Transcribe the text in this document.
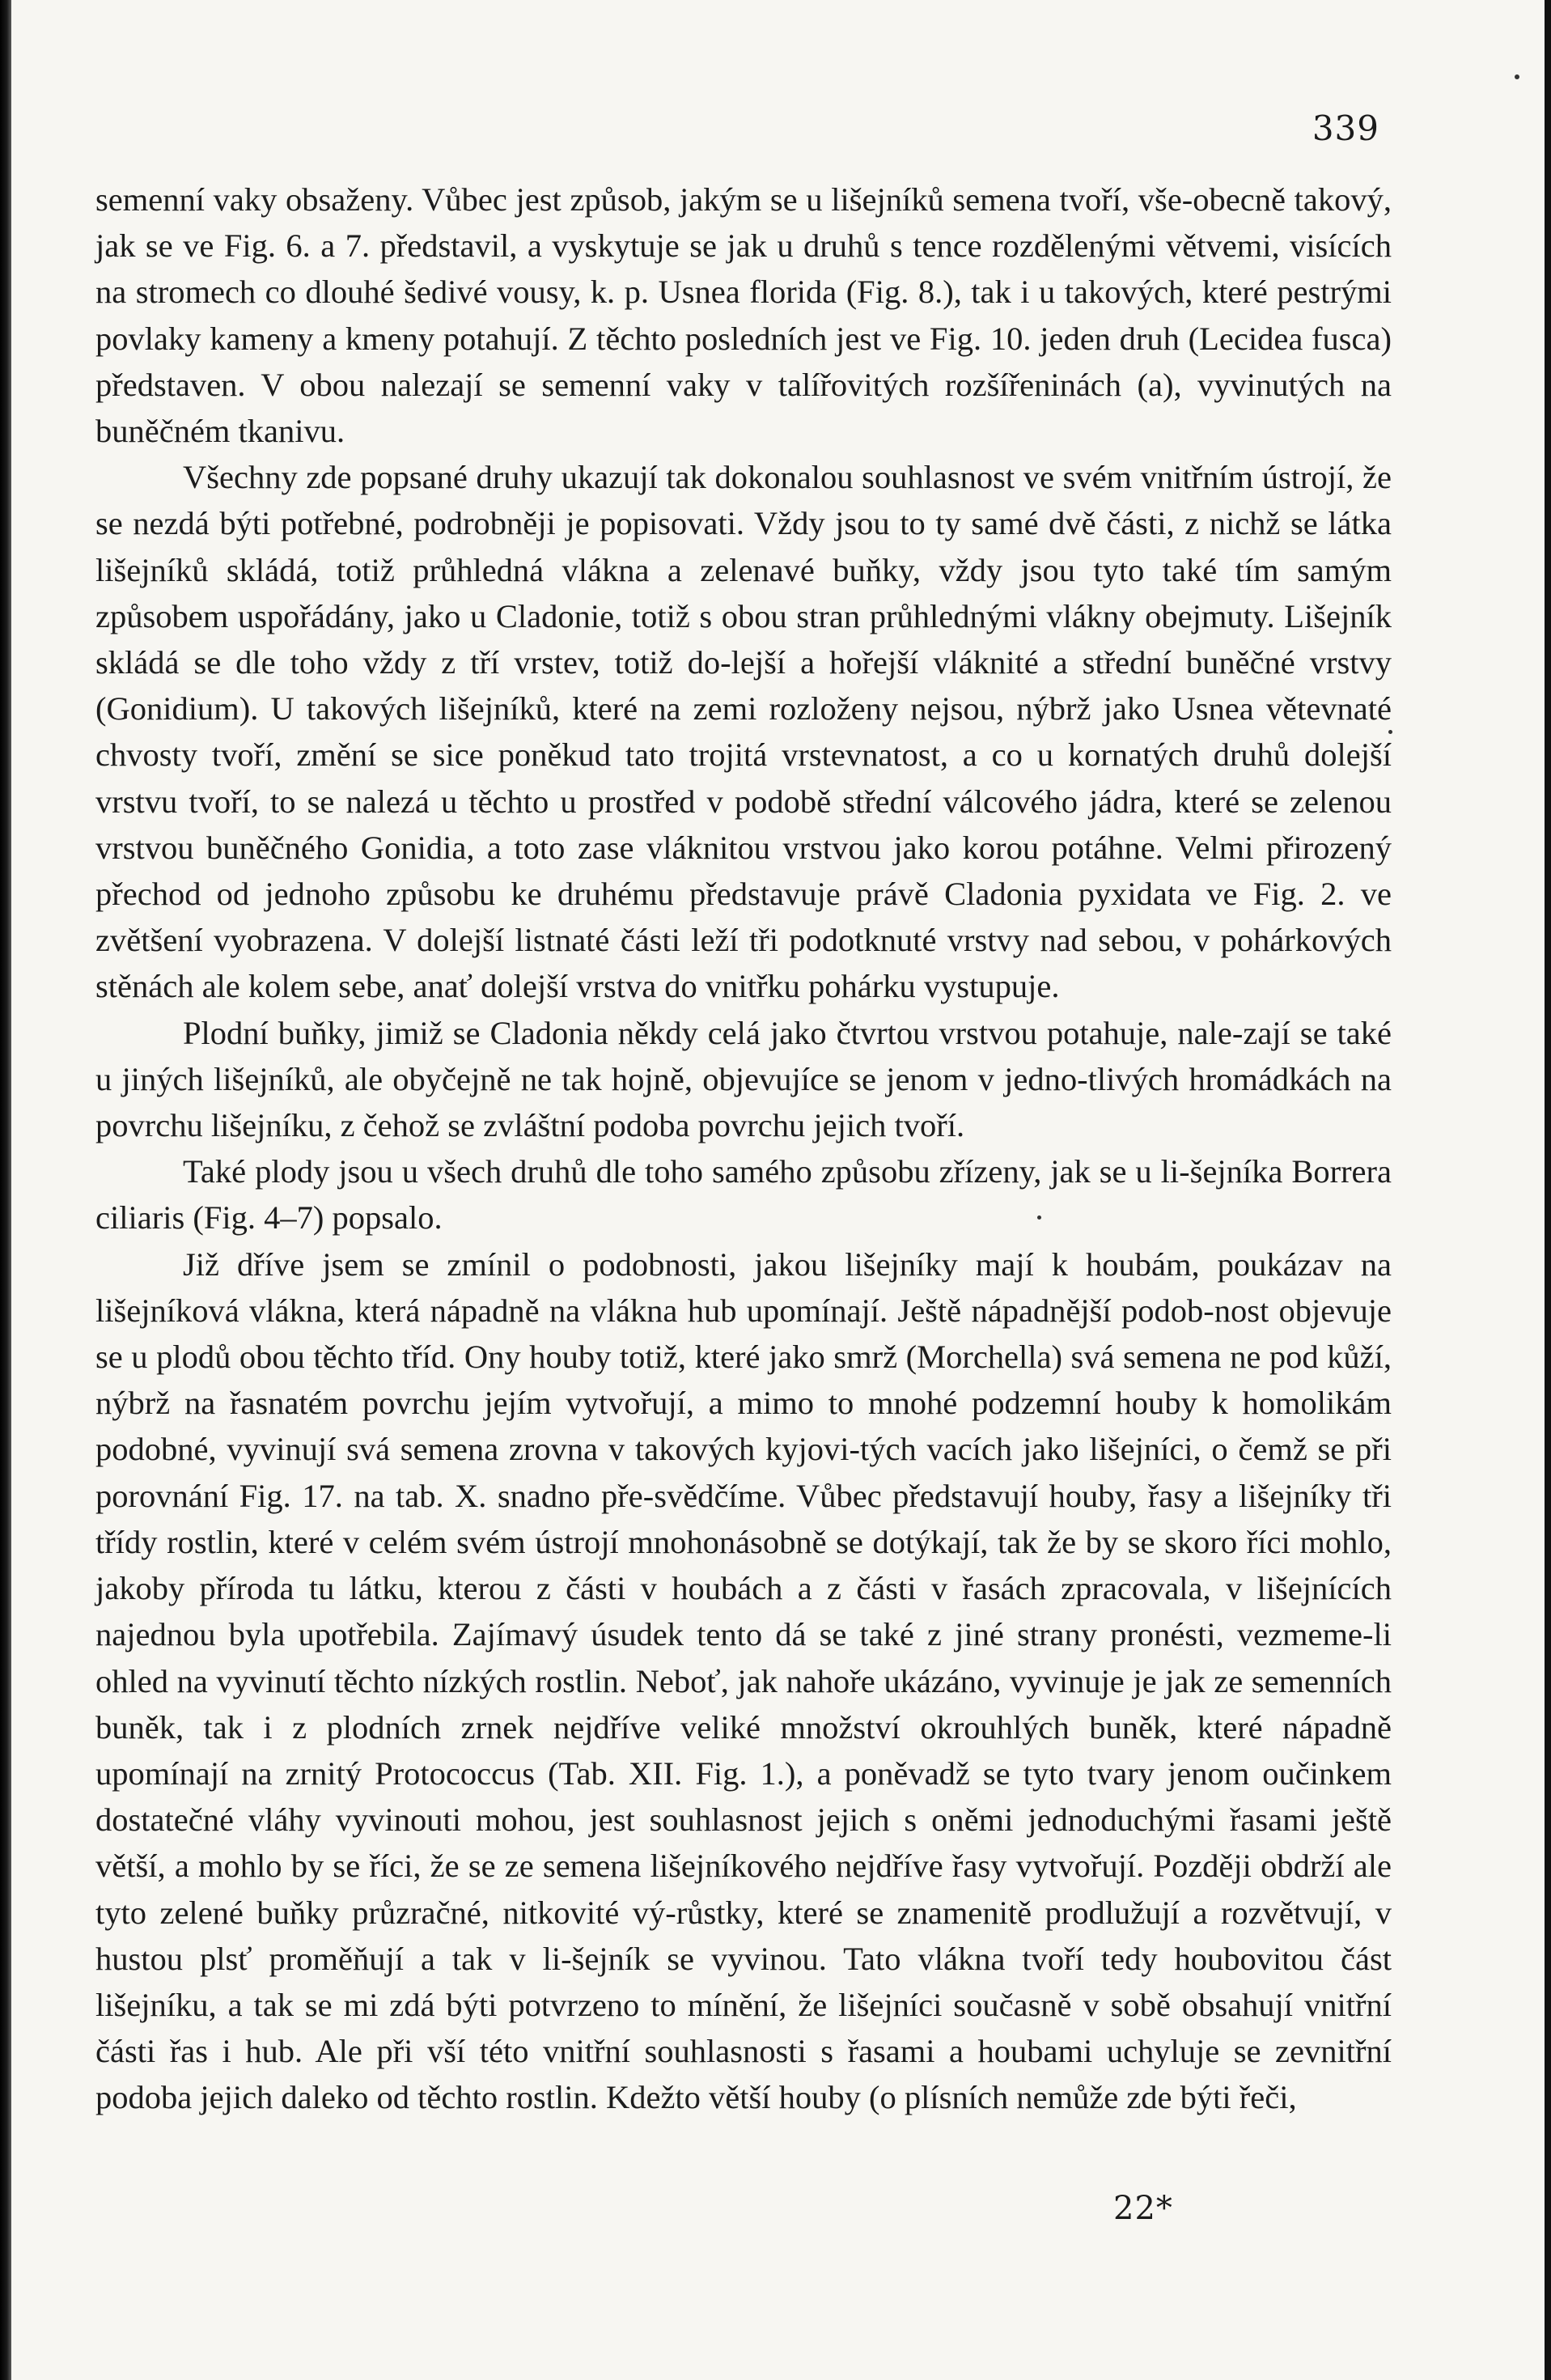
339

semenní vaky obsaženy. Vůbec jest způsob, jakým se u lišejníků semena tvoří, vše-obecně takový, jak se ve Fig. 6. a 7. představil, a vyskytuje se jak u druhů s tence rozdělenými větvemi, visících na stromech co dlouhé šedivé vousy, k. p. Usnea florida (Fig. 8.), tak i u takových, které pestrými povlaky kameny a kmeny potahují. Z těchto posledních jest ve Fig. 10. jeden druh (Lecidea fusca) představen. V obou nalezají se semenní vaky v talířovitých rozšířeninách (a), vyvinutých na buněčném tkanivu.

Všechny zde popsané druhy ukazují tak dokonalou souhlasnost ve svém vnitřním ústrojí, že se nezdá býti potřebné, podrobněji je popisovati. Vždy jsou to ty samé dvě části, z nichž se látka lišejníků skládá, totiž průhledná vlákna a zelenavé buňky, vždy jsou tyto také tím samým způsobem uspořádány, jako u Cladonie, totiž s obou stran průhlednými vlákny obejmuty. Lišejník skládá se dle toho vždy z tří vrstev, totiž do-lejší a hořejší vláknité a střední buněčné vrstvy (Gonidium). U takových lišejníků, které na zemi rozloženy nejsou, nýbrž jako Usnea větevnaté chvosty tvoří, změní se sice poněkud tato trojitá vrstevnatost, a co u kornatých druhů dolejší vrstvu tvoří, to se nalezá u těchto u prostřed v podobě střední válcového jádra, které se zelenou vrstvou buněčného Gonidia, a toto zase vláknitou vrstvou jako korou potáhne. Velmi přirozený přechod od jednoho způsobu ke druhému představuje právě Cladonia pyxidata ve Fig. 2. ve zvětšení vyobrazena. V dolejší listnaté části leží tři podotknuté vrstvy nad sebou, v pohárkových stěnách ale kolem sebe, anať dolejší vrstva do vnitřku pohárku vystupuje.

Plodní buňky, jimiž se Cladonia někdy celá jako čtvrtou vrstvou potahuje, nale-zají se také u jiných lišejníků, ale obyčejně ne tak hojně, objevujíce se jenom v jedno-tlivých hromádkách na povrchu lišejníku, z čehož se zvláštní podoba povrchu jejich tvoří.

Také plody jsou u všech druhů dle toho samého způsobu zřízeny, jak se u li-šejníka Borrera ciliaris (Fig. 4–7) popsalo.

Již dříve jsem se zmínil o podobnosti, jakou lišejníky mají k houbám, poukázav na lišejníková vlákna, která nápadně na vlákna hub upomínají. Ještě nápadnější podob-nost objevuje se u plodů obou těchto tříd. Ony houby totiž, které jako smrž (Morchella) svá semena ne pod kůží, nýbrž na řasnatém povrchu jejím vytvořují, a mimo to mnohé podzemní houby k homolikám podobné, vyvinují svá semena zrovna v takových kyjovi-tých vacích jako lišejníci, o čemž se při porovnání Fig. 17. na tab. X. snadno pře-svědčíme. Vůbec představují houby, řasy a lišejníky tři třídy rostlin, které v celém svém ústrojí mnohonásobně se dotýkají, tak že by se skoro říci mohlo, jakoby příroda tu látku, kterou z části v houbách a z části v řasách zpracovala, v lišejnících najednou byla upotřebila. Zajímavý úsudek tento dá se také z jiné strany pronésti, vezmeme-li ohled na vyvinutí těchto nízkých rostlin. Neboť, jak nahoře ukázáno, vyvinuje je jak ze semenních buněk, tak i z plodních zrnek nejdříve veliké množství okrouhlých buněk, které nápadně upomínají na zrnitý Protococcus (Tab. XII. Fig. 1.), a poněvadž se tyto tvary jenom oučinkem dostatečné vláhy vyvinouti mohou, jest souhlasnost jejich s oněmi jednoduchými řasami ještě větší, a mohlo by se říci, že se ze semena lišejníkového nejdříve řasy vytvořují. Později obdrží ale tyto zelené buňky průzračné, nitkovité vý-růstky, které se znamenitě prodlužují a rozvětvují, v hustou plsť proměňují a tak v li-šejník se vyvinou. Tato vlákna tvoří tedy houbovitou část lišejníku, a tak se mi zdá býti potvrzeno to mínění, že lišejníci současně v sobě obsahují vnitřní části řas i hub. Ale při vší této vnitřní souhlasnosti s řasami a houbami uchyluje se zevnitřní podoba jejich daleko od těchto rostlin. Kdežto větší houby (o plísních nemůže zde býti řeči,

22*
